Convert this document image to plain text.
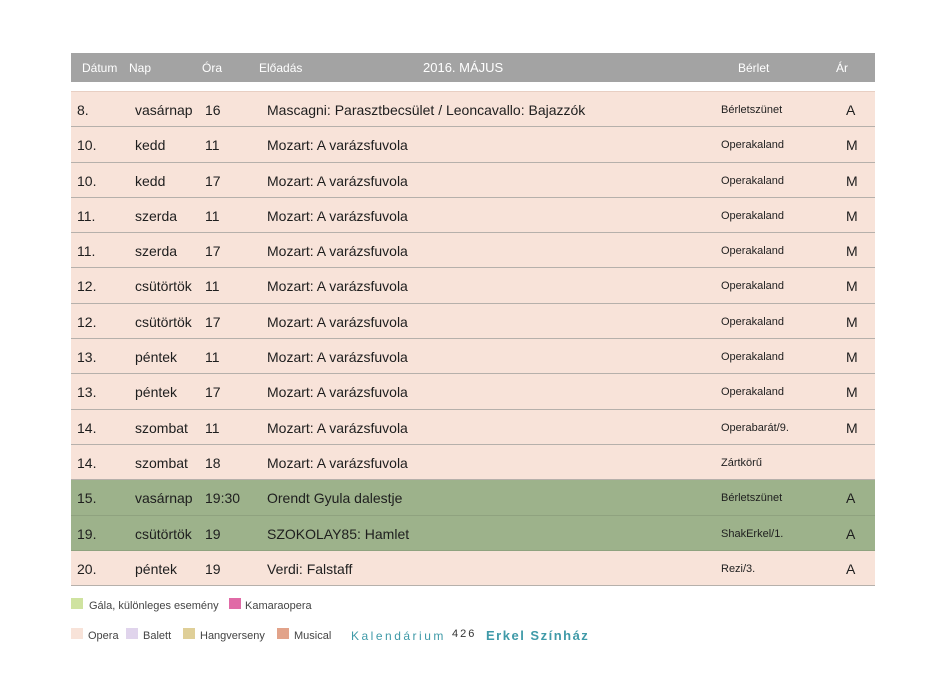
Dátum Nap	Óra	Előadás	2016. MÁJUS	Bérlet	Ár
8.	vasárnap 16	Mascagni: Parasztbecsület / Leoncavallo: Bajazzók	Bérletszünet	A
10.	kedd	11	Mozart: A varázsfuvola	Operakaland	M
10.	kedd	17	Mozart: A varázsfuvola	Operakaland	M
11.	szerda 11	Mozart: A varázsfuvola	Operakaland	M
11.	szerda 17	Mozart: A varázsfuvola	Operakaland	M
12.	csütörtök 11	Mozart: A varázsfuvola	Operakaland	M
12.	csütörtök 17	Mozart: A varázsfuvola	Operakaland	M
13.	péntek 11	Mozart: A varázsfuvola	Operakaland	M
13.	péntek 17	Mozart: A varázsfuvola	Operakaland	M
14.	szombat 11	Mozart: A varázsfuvola	Operabarát/9.	M
14.	szombat 18	Mozart: A varázsfuvola	Zártkörű
15.	vasárnap 19:30 Orendt Gyula dalestje	Bérletszünet	A
19.	csütörtök 19	SZOKOLAY85: Hamlet	ShakErkel/1.	A
20.	péntek 19	Verdi: Falstaff	Rezi/3.	A
Gála, különleges esemény Kamaraopera
Opera Balett	Hangverseny	Musical Kalendárium 426 Erkel Színház
